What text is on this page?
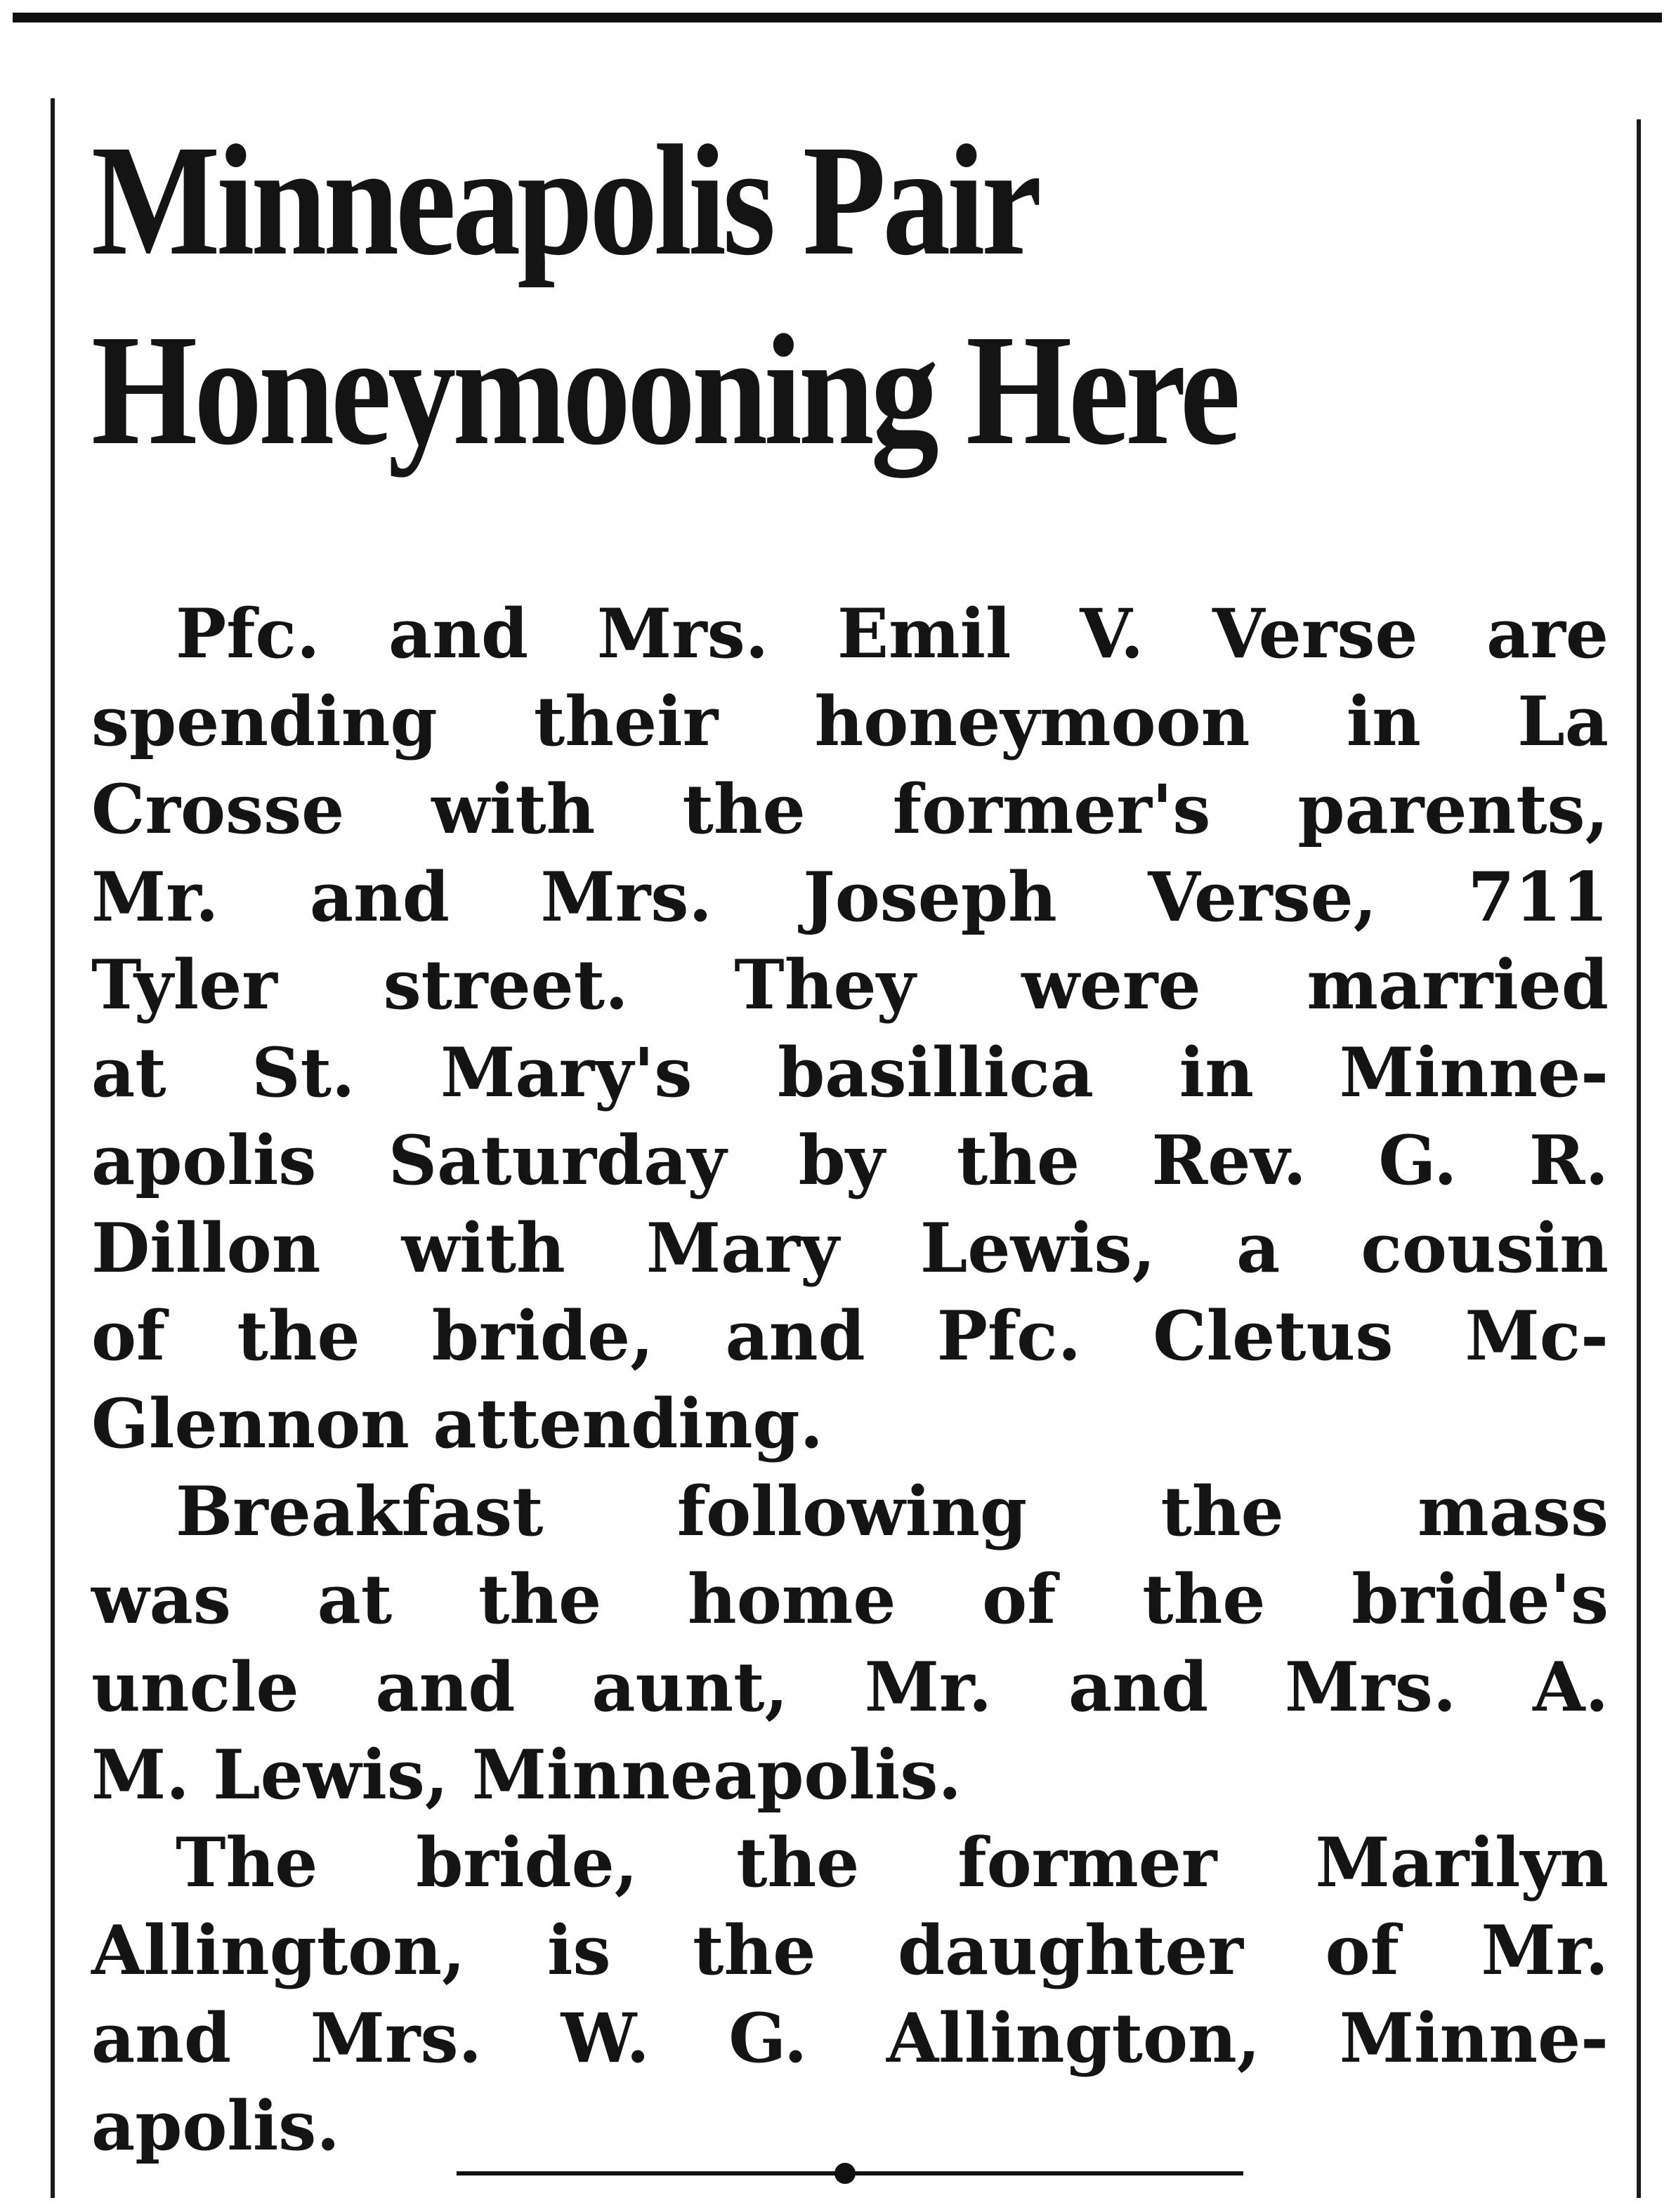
Minneapolis Pair
Honeymooning Here

Pfc. and Mrs. Emil V. Verse are
spending their honeymoon in La
Crosse with the former's parents,
Mr. and Mrs. Joseph Verse, 711
Tyler street. They were married
at St. Mary's basillica in Minne-
apolis Saturday by the Rev. G. R.
Dillon with Mary Lewis, a cousin
of the bride, and Pfc. Cletus Mc-
Glennon attending.

Breakfast following the mass
was at the home of the bride's
uncle and aunt, Mr. and Mrs. A.
M. Lewis, Minneapolis.

The bride, the former Marilyn
Allington, is the daughter of Mr.
and Mrs. W. G. Allington, Minne-
apolis.
